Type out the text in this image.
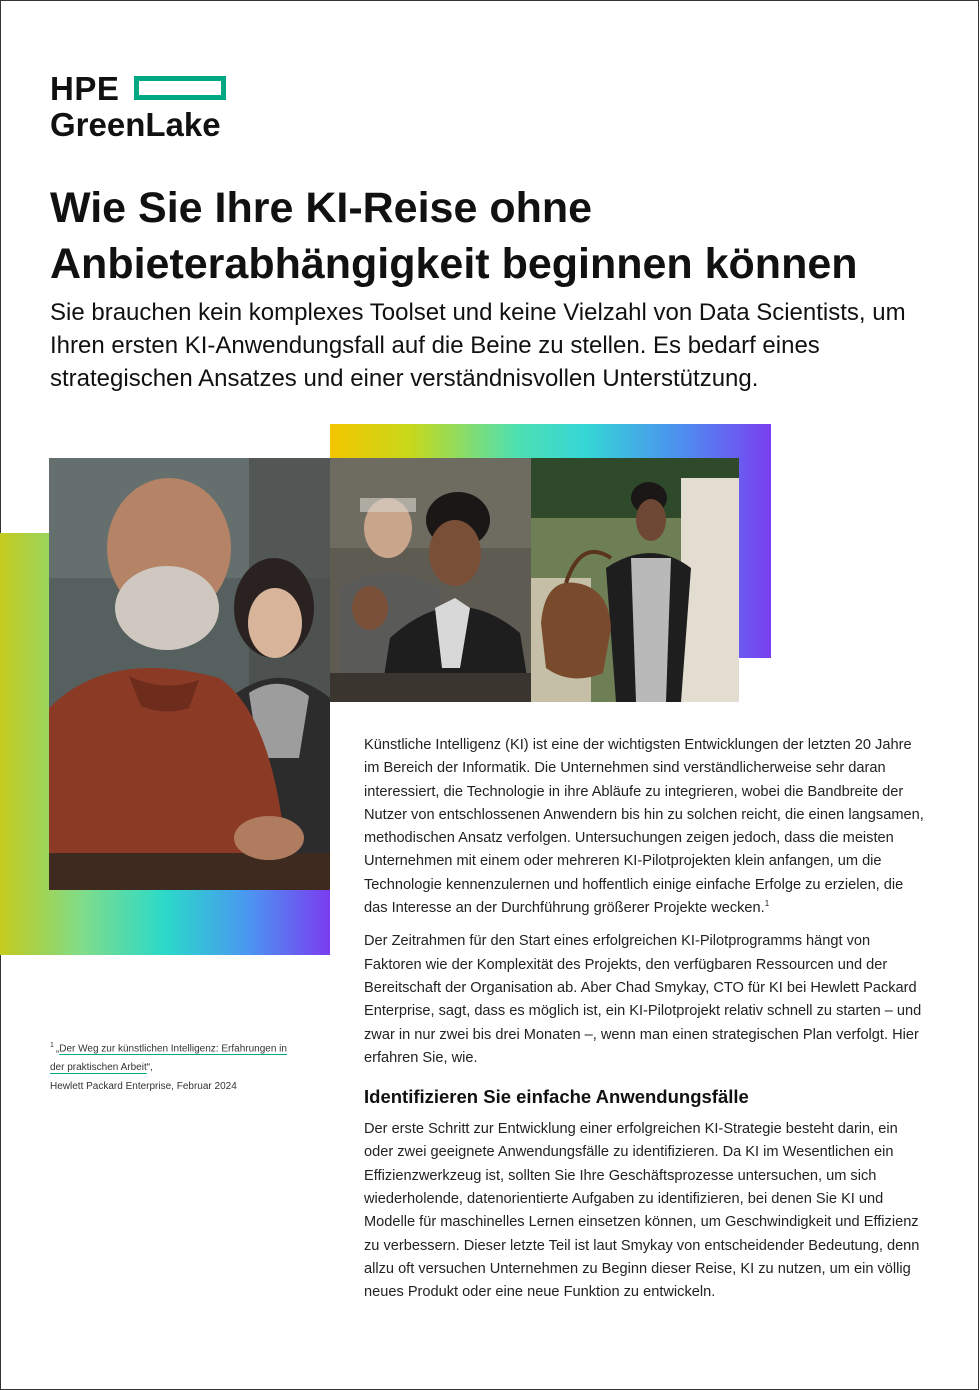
HPE
GreenLake
Wie Sie Ihre KI-Reise ohne Anbieterabhängigkeit beginnen können

Sie brauchen kein komplexes Toolset und keine Vielzahl von Data Scientists, um Ihren ersten KI-Anwendungsfall auf die Beine zu stellen. Es bedarf eines strategischen Ansatzes und einer verständnisvollen Unterstützung.

Künstliche Intelligenz (KI) ist eine der wichtigsten Entwicklungen der letzten 20 Jahre im Bereich der Informatik. Die Unternehmen sind verständlicherweise sehr daran interessiert, die Technologie in ihre Abläufe zu integrieren, wobei die Bandbreite der Nutzer von entschlossenen Anwendern bis hin zu solchen reicht, die einen langsamen, methodischen Ansatz verfolgen. Untersuchungen zeigen jedoch, dass die meisten Unternehmen mit einem oder mehreren KI-Pilotprojekten klein anfangen, um die Technologie kennenzulernen und hoffentlich einige einfache Erfolge zu erzielen, die das Interesse an der Durchführung größerer Projekte wecken.$^1$

Der Zeitrahmen für den Start eines erfolgreichen KI-Pilotprogramms hängt von Faktoren wie der Komplexität des Projekts, den verfügbaren Ressourcen und der Bereitschaft der Organisation ab. Aber Chad Smykay, CTO für KI bei Hewlett Packard Enterprise, sagt, dass es möglich ist, ein KI-Pilotprojekt relativ schnell zu starten – und zwar in nur zwei bis drei Monaten –, wenn man einen strategischen Plan verfolgt. Hier erfahren Sie, wie.

Identifizieren Sie einfache Anwendungsfälle

Der erste Schritt zur Entwicklung einer erfolgreichen KI-Strategie besteht darin, ein oder zwei geeignete Anwendungsfälle zu identifizieren. Da KI im Wesentlichen ein Effizienzwerkzeug ist, sollten Sie Ihre Geschäftsprozesse untersuchen, um sich wiederholende, datenorientierte Aufgaben zu identifizieren, bei denen Sie KI und Modelle für maschinelles Lernen einsetzen können, um Geschwindigkeit und Effizienz zu verbessern. Dieser letzte Teil ist laut Smykay von entscheidender Bedeutung, denn allzu oft versuchen Unternehmen zu Beginn dieser Reise, KI zu nutzen, um ein völlig neues Produkt oder eine neue Funktion zu entwickeln.

$^1$ „Der Weg zur künstlichen Intelligenz: Erfahrungen in der praktischen Arbeit“,
Hewlett Packard Enterprise, Februar 2024
